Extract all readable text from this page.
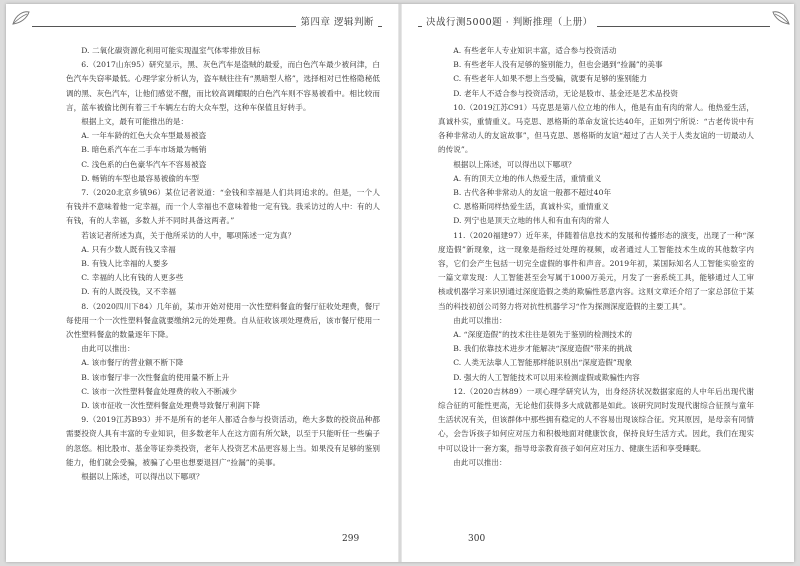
第四章 逻辑判断

D. 二氧化碳资源化利用可能实现温室气体零排放目标

6.（2017山东95）研究显示，黑、灰色汽车是盗贼的最爱，而白色汽车最少被问津，白色汽车失窃率最低。心理学家分析认为，盗车贼往往有“黑暗型人格”，选择相对已性格隐秘低调的黑、灰色汽车，让他们感觉不醒，而比较高调耀眼的白色汽车则不容易被看中。相比较而言，蓝车被偷比例有着三千车辆左右的大众车型，这种车保值且好转手。

根据上文，最有可能推出的是：

A. 一年车龄的红色大众车型最易被盗

B. 暗色系汽车在二手车市场最为畅销

C. 浅色系的白色豪华汽车不容易被盗

D. 畅销的车型也最容易被偷的车型

7.（2020北京乡镇96）某位记者说道：“金钱和幸福是人们共同追求的。但是，一个人有钱并不意味着他一定幸福，而一个人幸福也不意味着他一定有钱。我采访过的人中：有的人有钱，有的人幸福，多数人并不同时具备这两者。”

若该记者所述为真，关于他所采访的人中，哪项陈述一定为真？

A. 只有少数人既有钱又幸福

B. 有钱人比幸福的人要多

C. 幸福的人比有钱的人更多些

D. 有的人既没钱，又不幸福

8.（2020四川下84）几年前，某市开始对使用一次性塑料餐盒的餐厅征收处理费，餐厅每使用一个一次性塑料餐盒就要缴纳2元的处理费。自从征收该项处理费后，该市餐厅使用一次性塑料餐盒的数量逐年下降。

由此可以推出：

A. 该市餐厅的营业额不断下降

B. 该市餐厅非一次性餐盒的使用量不断上升

C. 该市一次性塑料餐盒处理费的收入不断减少

D. 该市征收一次性塑料餐盒处理费导致餐厅利润下降

9.（2019江苏B93）并不是所有的老年人都适合参与投资活动，绝大多数的投资品种都需要投资人具有丰富的专业知识，但多数老年人在这方面有所欠缺，以至于只能听任一些骗子的忽悠。相比股市、基金等证券类投资，老年人投资艺术品更容易上当。如果没有足够的鉴别能力，他们就会受骗，被骗了心里也想要退回广“捡漏”的美事。

根据以上陈述，可以得出以下哪项？

299
决战行测5000题 · 判断推理（上册）

A. 有些老年人专业知识丰富，适合参与投资活动

B. 有些老年人没有足够的鉴别能力，但也会遇到“捡漏”的美事

C. 有些老年人如果不想上当受骗，就要有足够的鉴别能力

D. 老年人不适合参与投资活动，无论是股市、基金还是艺术品投资

10.（2019江苏C91）马克思是第八位立地的伟人，他是有血有肉的常人。他热爱生活，真诚朴实，重情重义。马克思、恩格斯的革命友谊长达40年，正如列宁所说：“古老传说中有各种非常动人的友谊故事”，但马克思、恩格斯的友谊“超过了古人关于人类友谊的一切最动人的传说”。

根据以上陈述，可以得出以下哪项？

A. 有的顶天立地的伟人热爱生活，重情重义

B. 古代各种非常动人的友谊一般都不超过40年

C. 恩格斯同样热爱生活，真诚朴实，重情重义

D. 列宁也是顶天立地的伟人和有血有肉的常人

11.（2020福建97）近年来，伴随着信息技术的发展和传播形态的演变，出现了一种“深度造假”新现象，这一现象是指经过处理的视频，或者通过人工智能技术生成的其他数字内容，它们会产生包括一切完全虚假的事件和声音。2019年初，某国际知名人工智能实验室的一篇文章发现：人工智能甚至会写属于1000万美元，月发了一套系统工具，能够通过人工审核或机器学习来识别通过深度造假之类的欺骗性恶意内容。这则文章还介绍了一家总部位于某当的科技初创公司努力将对抗性机器学习“作为探测深度造假的主要工具”。

由此可以推出：

A. “深度造假”的技术往往是领先于鉴别的检测技术的

B. 我们依靠技术进步才能解决“深度造假”带来的挑战

C. 人类无法靠人工智能那样能识别出“深度造假”现象

D. 强大的人工智能技术可以用来检测虚假或欺骗性内容

12.（2020吉林89）一项心理学研究认为，出身经济状况数据家庭的人中年后出现代谢综合征的可能性更高，无论他们获得多大成就都是如此。该研究同时发现代谢综合征预与童年生活状况有关，但该群体中那些拥有稳定的人不容易出现该综合征。究其原因，是母亲有同情心，会告诉孩子如何应对压力和积极地面对健康饮食，保持良好生活方式。因此，我们在现实中可以设计一套方案，指导母亲教育孩子如何应对压力、健康生活和享受睡眠。

由此可以推出：

300
